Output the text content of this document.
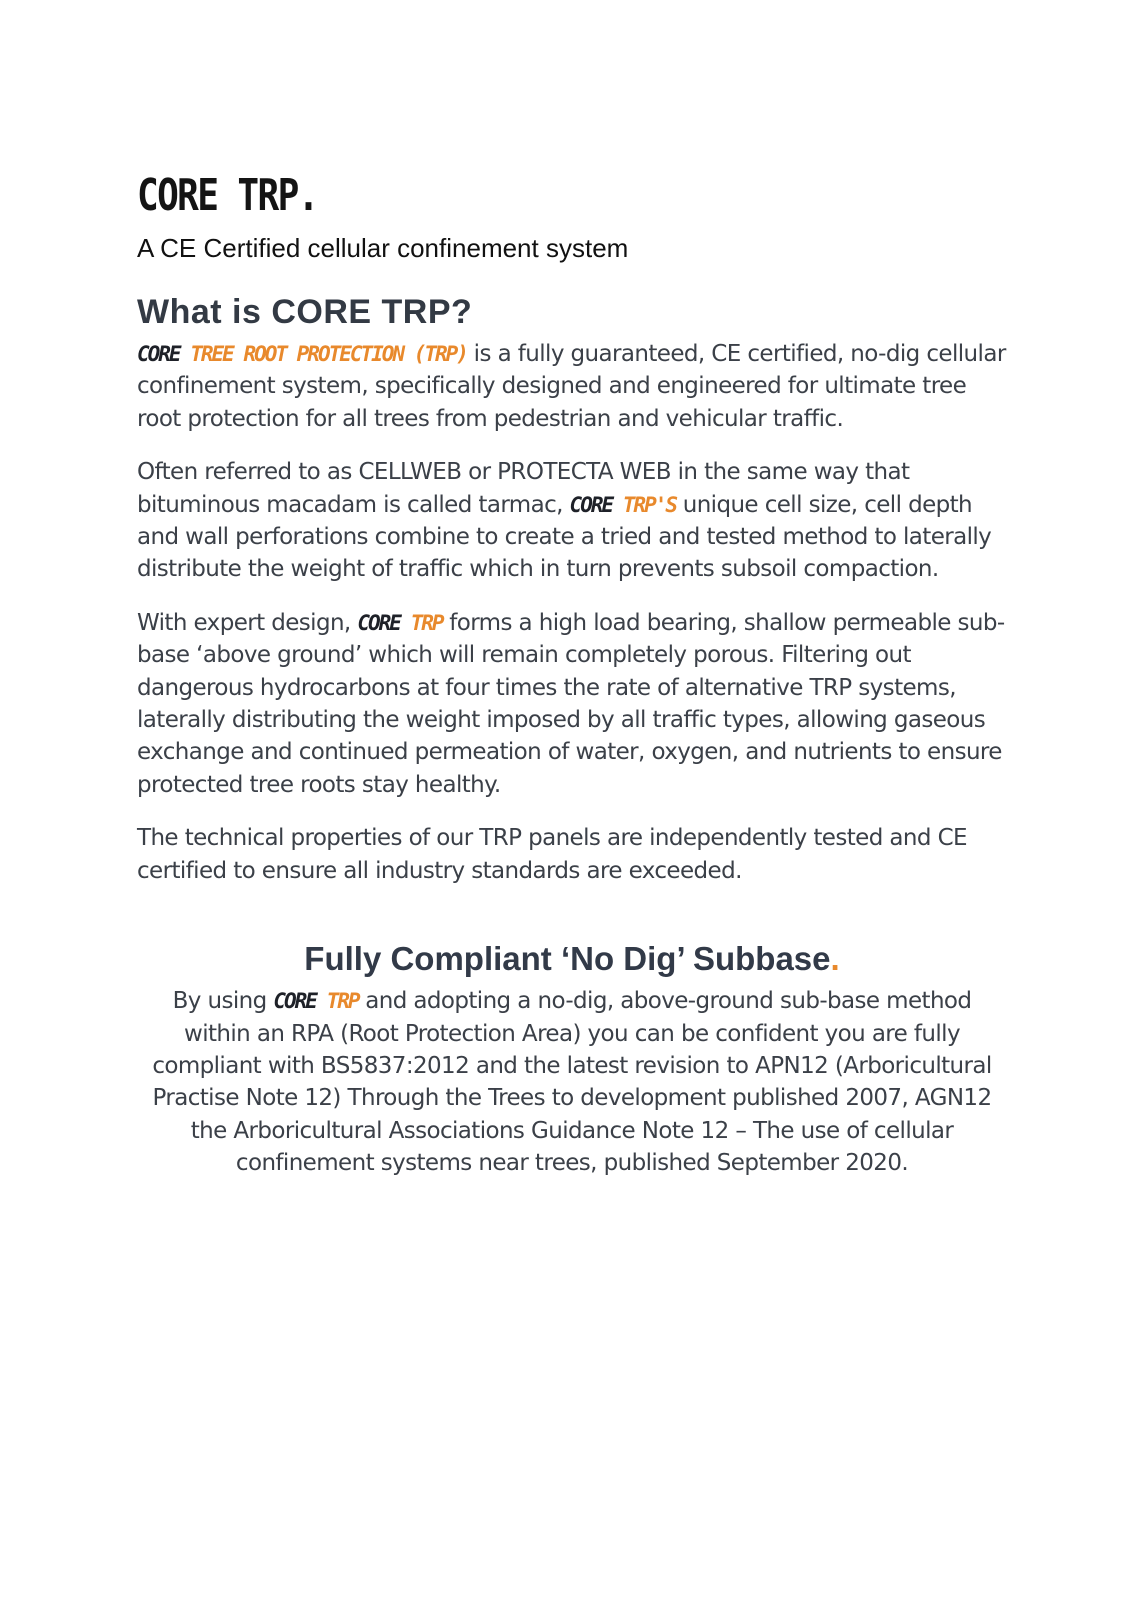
CORE TRP.

A CE Certified cellular confinement system

What is CORE TRP?

CORE TREE ROOT PROTECTION (TRP) is a fully guaranteed, CE certified, no-dig cellular confinement system, specifically designed and engineered for ultimate tree root protection for all trees from pedestrian and vehicular traffic.

Often referred to as CELLWEB or PROTECTA WEB in the same way that bituminous macadam is called tarmac, CORE TRP'S unique cell size, cell depth and wall perforations combine to create a tried and tested method to laterally distribute the weight of traffic which in turn prevents subsoil compaction.

With expert design, CORE TRP forms a high load bearing, shallow permeable sub-base ‘above ground’ which will remain completely porous. Filtering out dangerous hydrocarbons at four times the rate of alternative TRP systems, laterally distributing the weight imposed by all traffic types, allowing gaseous exchange and continued permeation of water, oxygen, and nutrients to ensure protected tree roots stay healthy.

The technical properties of our TRP panels are independently tested and CE certified to ensure all industry standards are exceeded.

Fully Compliant ‘No Dig’ Subbase.

By using CORE TRP and adopting a no-dig, above-ground sub-base method within an RPA (Root Protection Area) you can be confident you are fully compliant with BS5837:2012 and the latest revision to APN12 (Arboricultural Practise Note 12) Through the Trees to development published 2007, AGN12 the Arboricultural Associations Guidance Note 12 – The use of cellular confinement systems near trees, published September 2020.
